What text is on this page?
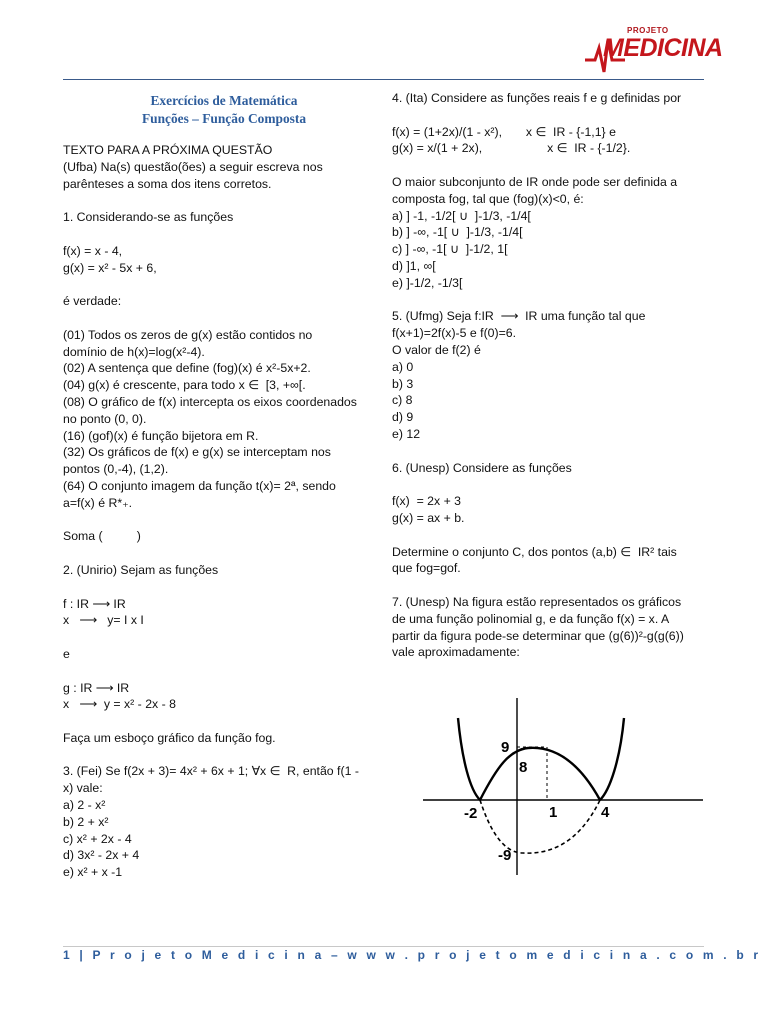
PROJETO
MEDICINA
Exercícios de Matemática
Funções – Função Composta
TEXTO PARA A PRÓXIMA QUESTÃO
(Ufba) Na(s) questão(ões) a seguir escreva nos
parênteses a soma dos itens corretos.
1. Considerando-se as funções
f(x) = x - 4,
g(x) = x² - 5x + 6,
é verdade:
(01) Todos os zeros de g(x) estão contidos no
domínio de h(x)=log(x²-4).
(02) A sentença que define (fog)(x) é x²-5x+2.
(04) g(x) é crescente, para todo x ∈  [3, +∞[.
(08) O gráfico de f(x) intercepta os eixos coordenados
no ponto (0, 0).
(16) (gof)(x) é função bijetora em R.
(32) Os gráficos de f(x) e g(x) se interceptam nos
pontos (0,-4), (1,2).
(64) O conjunto imagem da função t(x)= 2ª, sendo
a=f(x) é R*₊.
Soma (          )
2. (Unirio) Sejam as funções
f : IR ⟶ IR
x   ⟶   y= I x I
e
g : IR ⟶ IR
x   ⟶  y = x² - 2x - 8
Faça um esboço gráfico da função fog.
3. (Fei) Se f(2x + 3)= 4x² + 6x + 1; ∀x ∈  R, então f(1 -
x) vale:
a) 2 - x²
b) 2 + x²
c) x² + 2x - 4
d) 3x² - 2x + 4
e) x² + x -1
4. (Ita) Considere as funções reais f e g definidas por
f(x) = (1+2x)/(1 - x²),       x ∈  IR - {-1,1} e
g(x) = x/(1 + 2x),                   x ∈  IR - {-1/2}.
O maior subconjunto de IR onde pode ser definida a
composta fog, tal que (fog)(x)<0, é:
a) ] -1, -1/2[ ∪  ]-1/3, -1/4[
b) ] -∞, -1[ ∪  ]-1/3, -1/4[
c) ] -∞, -1[ ∪  ]-1/2, 1[
d) ]1, ∞[
e) ]-1/2, -1/3[
5. (Ufmg) Seja f:IR  ⟶  IR uma função tal que
f(x+1)=2f(x)-5 e f(0)=6.
O valor de f(2) é
a) 0
b) 3
c) 8
d) 9
e) 12
6. (Unesp) Considere as funções
f(x)  = 2x + 3
g(x) = ax + b.
Determine o conjunto C, dos pontos (a,b) ∈  IR² tais
que fog=gof.
7. (Unesp) Na figura estão representados os gráficos
de uma função polinomial g, e da função f(x) = x. A
partir da figura pode-se determinar que (g(6))²-g(g(6))
vale aproximadamente:
9
8
-9
-2	1	4
1 | P r o j e t o M e d i c i n a – w w w . p r o j e t o m e d i c i n a . c o m . b r
